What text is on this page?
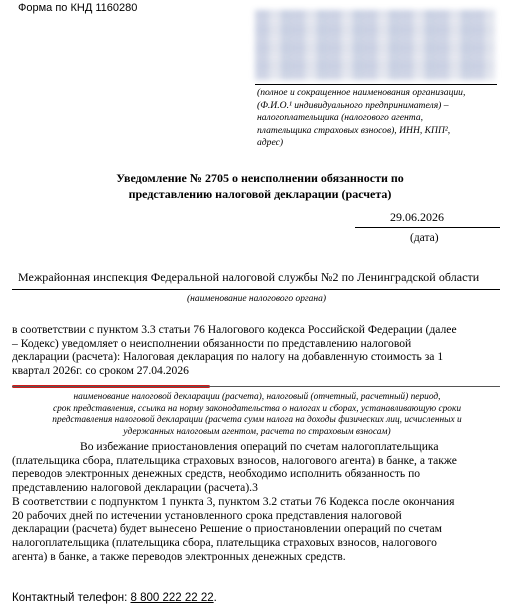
Форма по КНД 1160280
(полное и сокращенное наименования организации,
(Ф.И.О.¹ индивидуального предпринимателя) –
налогоплательщика (налогового агента,
плательщика страховых взносов), ИНН, КПП²,
адрес)
Уведомление № 2705 о неисполнении обязанности по
представлению налоговой декларации (расчета)
29.06.2026
(дата)
Межрайонная инспекция Федеральной налоговой службы №2 по Ленинградской области
(наименование налогового органа)
в соответствии с пунктом 3.3 статьи 76 Налогового кодекса Российской Федерации (далее
– Кодекс) уведомляет о неисполнении обязанности по представлению налоговой
декларации (расчета): Налоговая декларация по налогу на добавленную стоимость за 1
квартал 2026г. со сроком 27.04.2026
наименование налоговой декларации (расчета), налоговый (отчетный, расчетный) период,
срок представления, ссылка на норму законодательства о налогах и сборах, устанавливающую сроки
представления налоговой декларации (расчета сумм налога на доходы физических лиц, исчисленных и
удержанных налоговым агентом, расчета по страховым взносам)
Во избежание приостановления операций по счетам налогоплательщика
(плательщика сбора, плательщика страховых взносов, налогового агента) в банке, а также
переводов электронных денежных средств, необходимо исполнить обязанность по
представлению налоговой декларации (расчета).3
В соответствии с подпунктом 1 пункта 3, пунктом 3.2 статьи 76 Кодекса после окончания
20 рабочих дней по истечении установленного срока представления налоговой
декларации (расчета) будет вынесено Решение о приостановлении операций по счетам
налогоплательщика (плательщика сбора, плательщика страховых взносов, налогового
агента) в банке, а также переводов электронных денежных средств.
Контактный телефон: 8 800 222 22 22.
